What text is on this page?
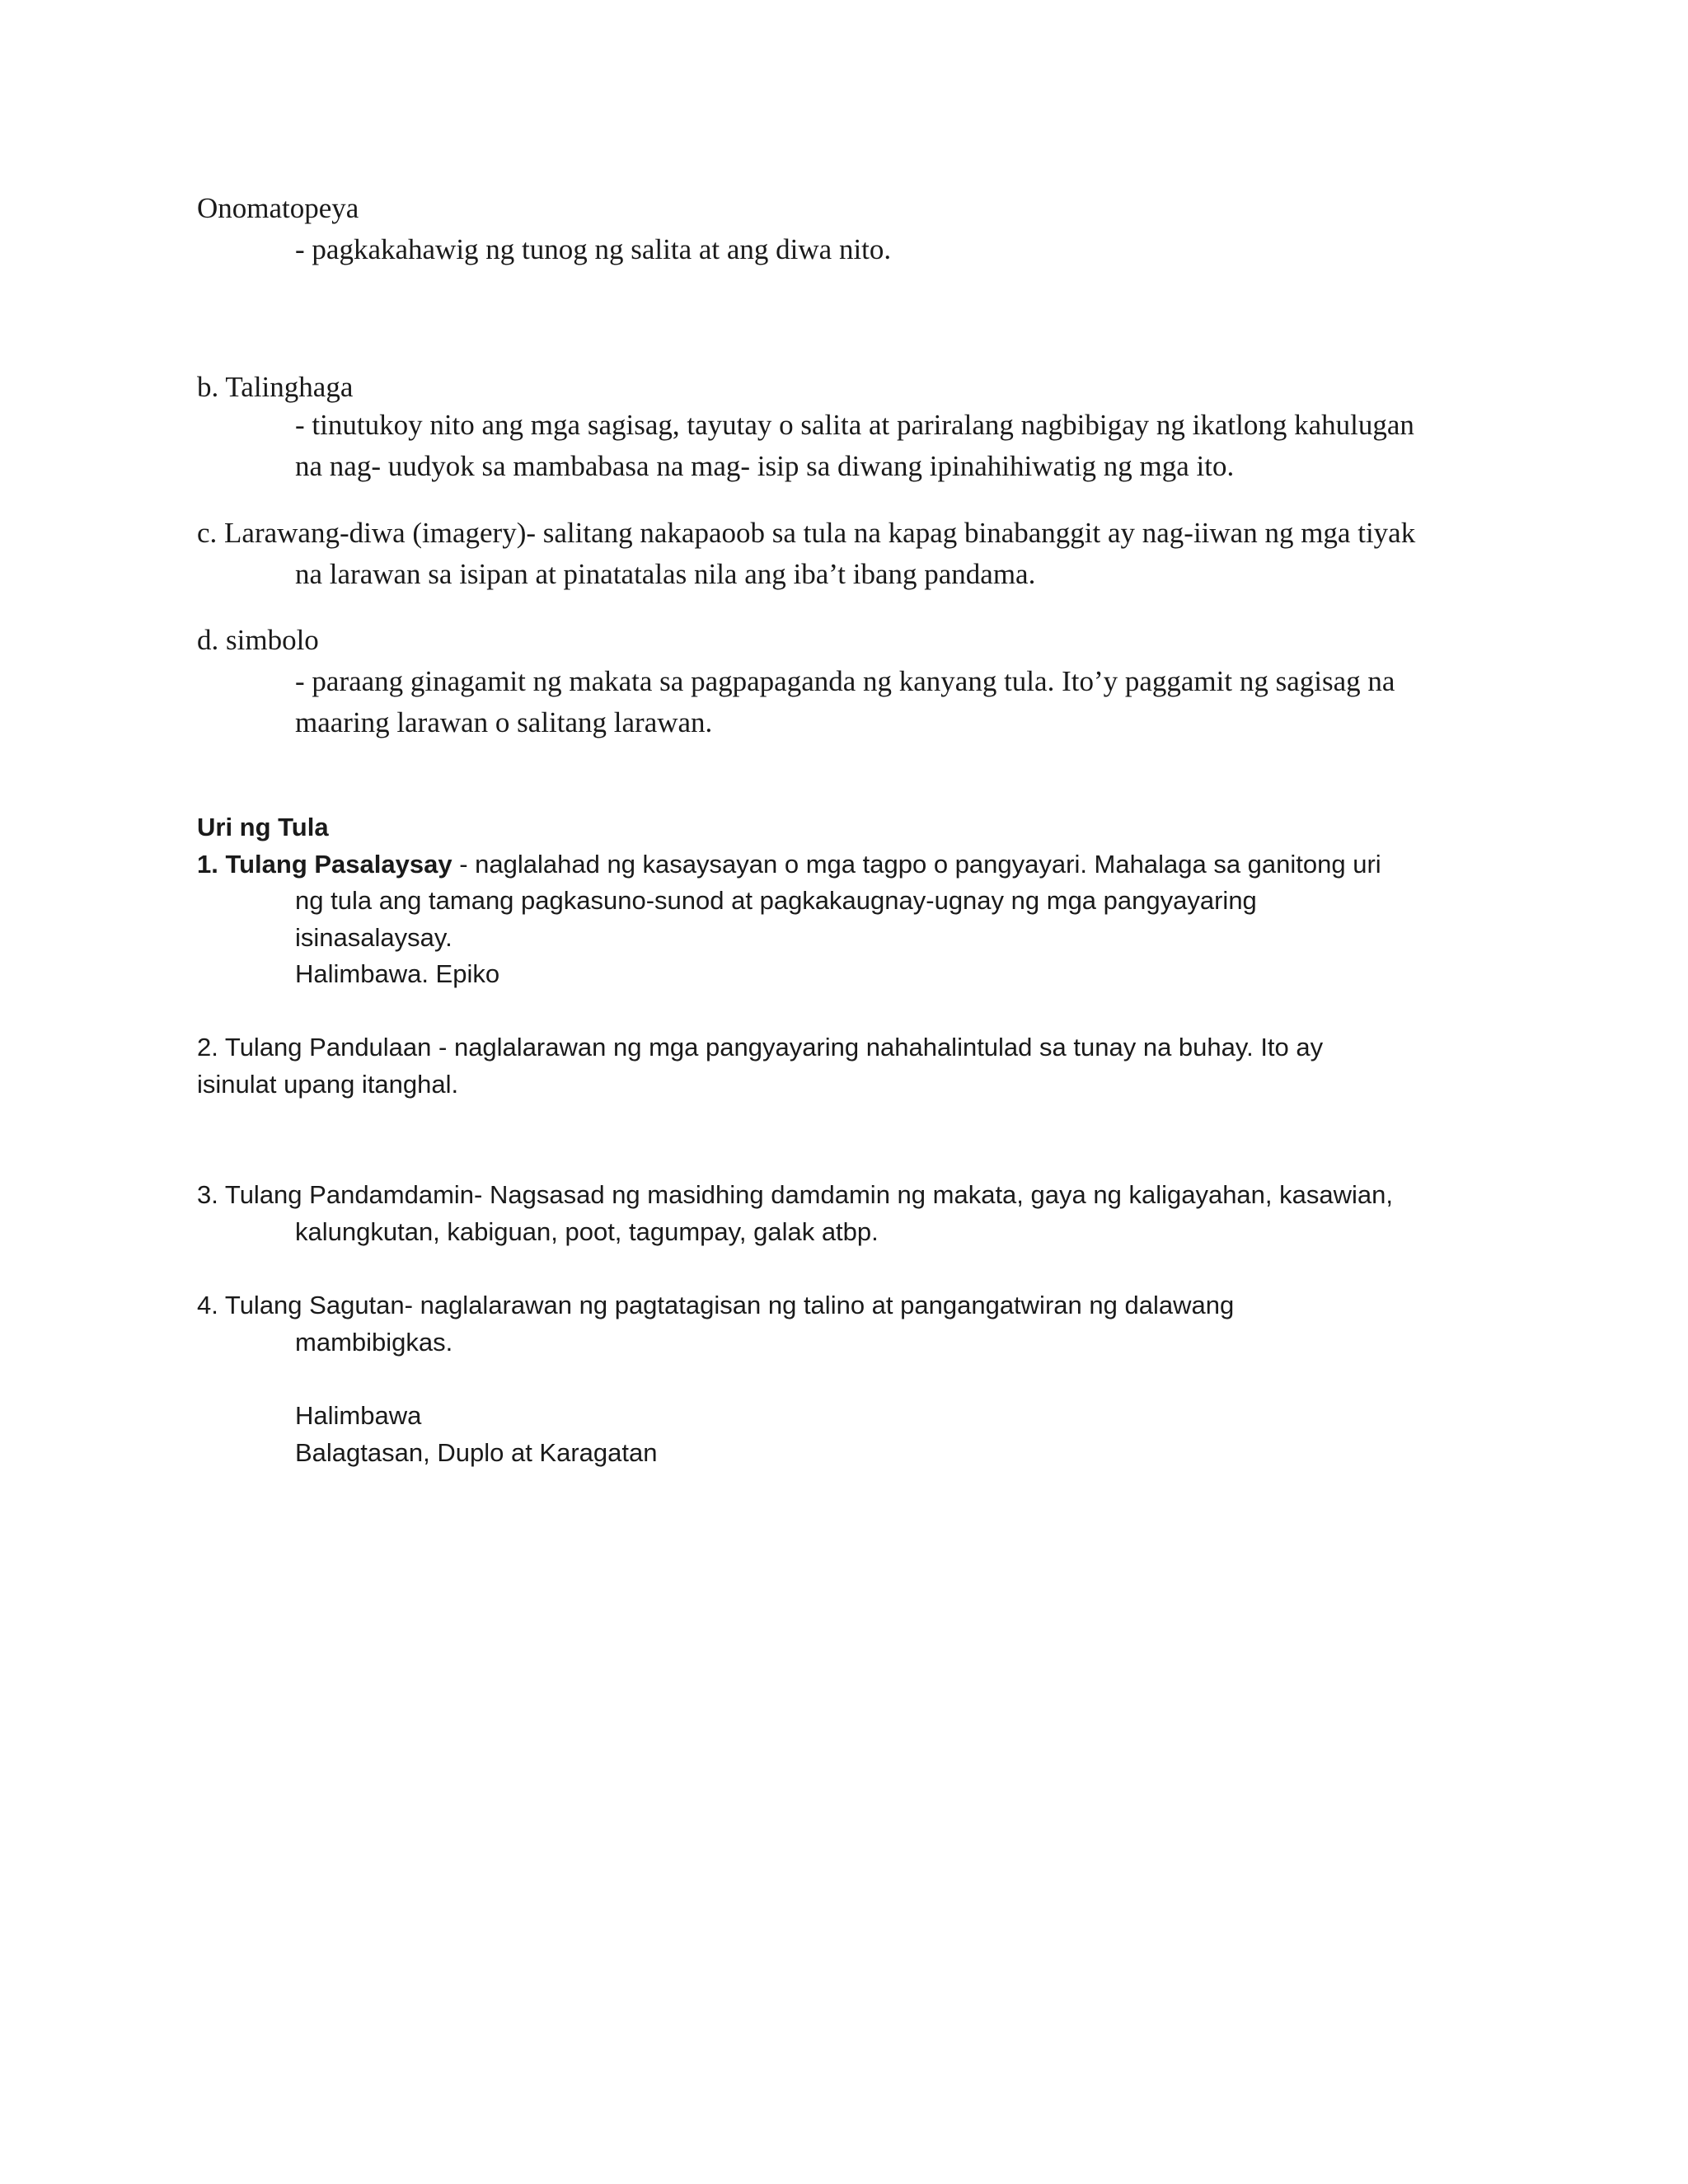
Onomatopeya

- pagkakahawig ng tunog ng salita at ang diwa nito.

b. Talinghaga

- tinutukoy nito ang mga sagisag, tayutay o salita at pariralang nagbibigay ng ikatlong kahulugan

na nag- uudyok sa mambabasa na mag- isip sa diwang ipinahihiwatig ng mga ito.

c. Larawang-diwa (imagery)- salitang nakapaoob sa tula na kapag binabanggit ay nag-iiwan ng mga tiyak

na larawan sa isipan at pinatatalas nila ang iba’t ibang pandama.

d. simbolo

- paraang ginagamit ng makata sa pagpapaganda ng kanyang tula. Ito’y paggamit ng sagisag na

maaring larawan o salitang larawan.

Uri ng Tula

1. Tulang Pasalaysay - naglalahad ng kasaysayan o mga tagpo o pangyayari. Mahalaga sa ganitong uri

ng tula ang tamang pagkasuno-sunod at pagkakaugnay-ugnay ng mga pangyayaring

isinasalaysay.

Halimbawa. Epiko

2. Tulang Pandulaan - naglalarawan ng mga pangyayaring nahahalintulad sa tunay na buhay. Ito ay

isinulat upang itanghal.

3. Tulang Pandamdamin- Nagsasad ng masidhing damdamin ng makata, gaya ng kaligayahan, kasawian,

kalungkutan, kabiguan, poot, tagumpay, galak atbp.

4. Tulang Sagutan- naglalarawan ng pagtatagisan ng talino at pangangatwiran ng dalawang

mambibigkas.

Halimbawa

Balagtasan, Duplo at Karagatan
